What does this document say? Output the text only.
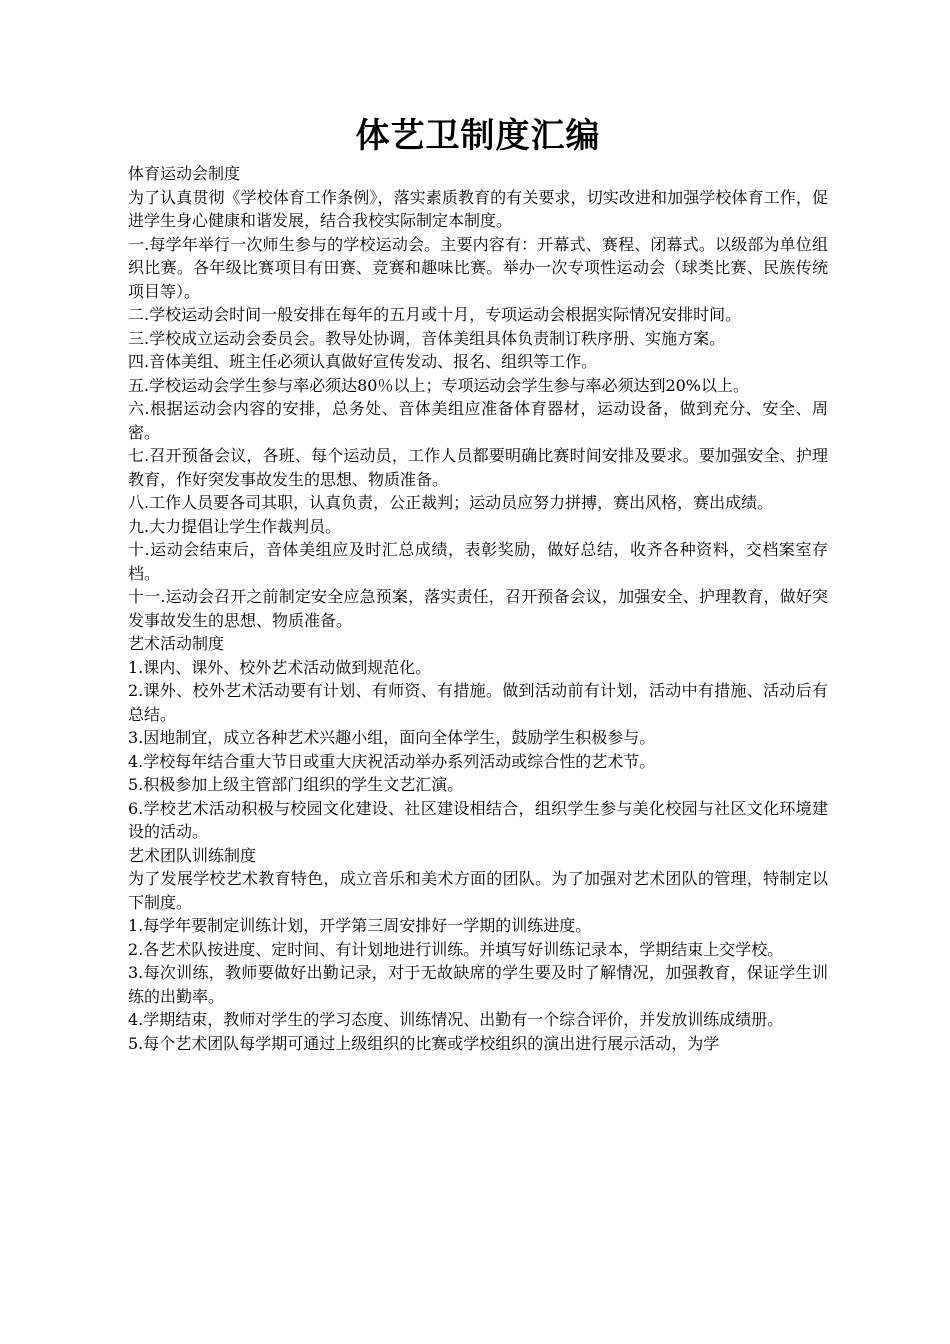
体艺卫制度汇编

体育运动会制度

为了认真贯彻《学校体育工作条例》，落实素质教育的有关要求，切实改进和加强学校体育工作，促进学生身心健康和谐发展，结合我校实际制定本制度。

一.每学年举行一次师生参与的学校运动会。主要内容有：开幕式、赛程、闭幕式。以级部为单位组织比赛。各年级比赛项目有田赛、竞赛和趣味比赛。举办一次专项性运动会（球类比赛、民族传统项目等）。

二.学校运动会时间一般安排在每年的五月或十月，专项运动会根据实际情况安排时间。

三.学校成立运动会委员会。教导处协调，音体美组具体负责制订秩序册、实施方案。

四.音体美组、班主任必须认真做好宣传发动、报名、组织等工作。

五.学校运动会学生参与率必须达80％以上；专项运动会学生参与率必须达到20%以上。

六.根据运动会内容的安排，总务处、音体美组应准备体育器材，运动设备，做到充分、安全、周密。

七.召开预备会议，各班、每个运动员，工作人员都要明确比赛时间安排及要求。要加强安全、护理教育，作好突发事故发生的思想、物质准备。

八.工作人员要各司其职，认真负责，公正裁判；运动员应努力拼搏，赛出风格，赛出成绩。

九.大力提倡让学生作裁判员。

十.运动会结束后，音体美组应及时汇总成绩，表彰奖励，做好总结，收齐各种资料，交档案室存档。

十一.运动会召开之前制定安全应急预案，落实责任，召开预备会议，加强安全、护理教育，做好突发事故发生的思想、物质准备。

艺术活动制度

1.课内、课外、校外艺术活动做到规范化。

2.课外、校外艺术活动要有计划、有师资、有措施。做到活动前有计划，活动中有措施、活动后有总结。

3.因地制宜，成立各种艺术兴趣小组，面向全体学生，鼓励学生积极参与。

4.学校每年结合重大节日或重大庆祝活动举办系列活动或综合性的艺术节。

5.积极参加上级主管部门组织的学生文艺汇演。

6.学校艺术活动积极与校园文化建设、社区建设相结合，组织学生参与美化校园与社区文化环境建设的活动。

艺术团队训练制度

为了发展学校艺术教育特色，成立音乐和美术方面的团队。为了加强对艺术团队的管理，特制定以下制度。

1.每学年要制定训练计划，开学第三周安排好一学期的训练进度。

2.各艺术队按进度、定时间、有计划地进行训练。并填写好训练记录本，学期结束上交学校。

3.每次训练，教师要做好出勤记录，对于无故缺席的学生要及时了解情况，加强教育，保证学生训练的出勤率。

4.学期结束，教师对学生的学习态度、训练情况、出勤有一个综合评价，并发放训练成绩册。

5.每个艺术团队每学期可通过上级组织的比赛或学校组织的演出进行展示活动，为学
